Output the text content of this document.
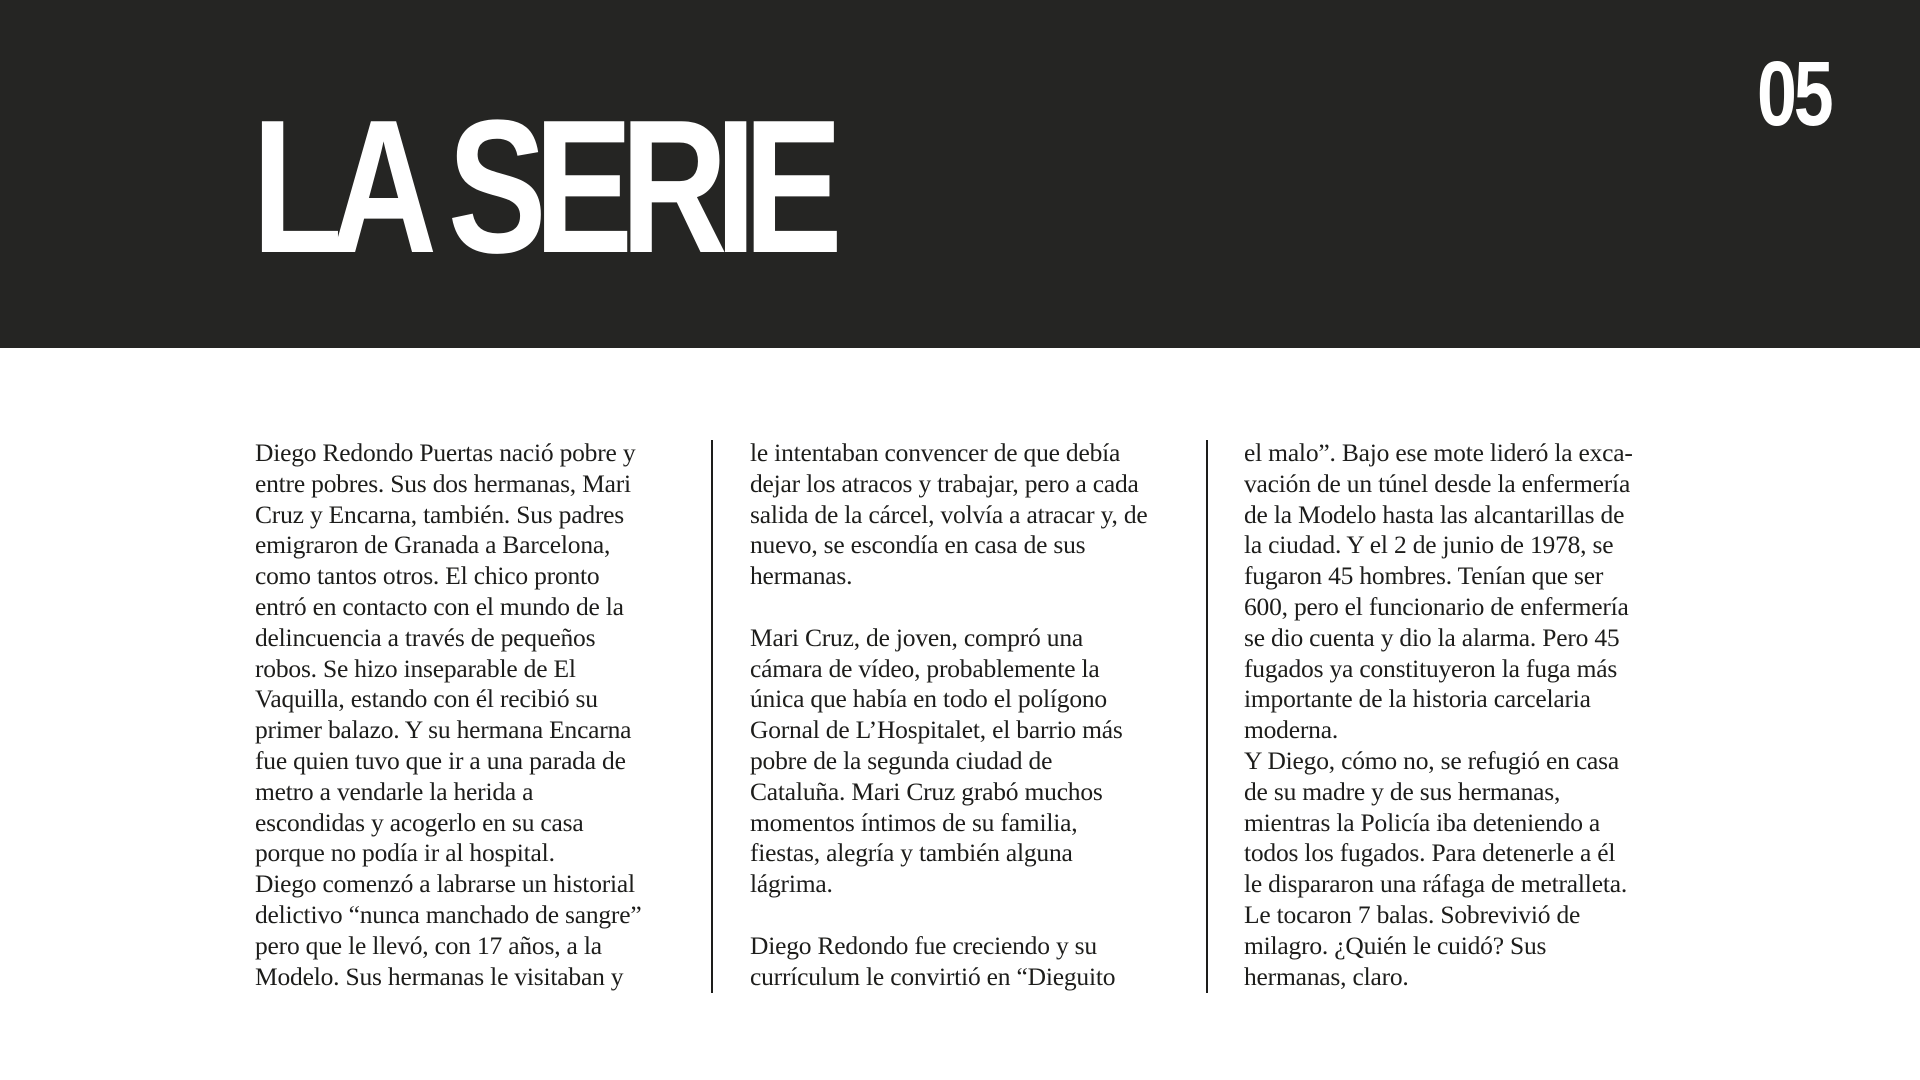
LA SERIE	05
Diego Redondo Puertas nació pobre y
entre pobres. Sus dos hermanas, Mari
Cruz y Encarna, también. Sus padres
emigraron de Granada a Barcelona,
como tantos otros. El chico pronto
entró en contacto con el mundo de la
delincuencia a través de pequeños
robos. Se hizo inseparable de El
Vaquilla, estando con él recibió su
primer balazo. Y su hermana Encarna
fue quien tuvo que ir a una parada de
metro a vendarle la herida a
escondidas y acogerlo en su casa
porque no podía ir al hospital.
Diego comenzó a labrarse un historial
delictivo “nunca manchado de sangre”
pero que le llevó, con 17 años, a la
Modelo. Sus hermanas le visitaban y
le intentaban convencer de que debía
dejar los atracos y trabajar, pero a cada
salida de la cárcel, volvía a atracar y, de
nuevo, se escondía en casa de sus
hermanas.
Mari Cruz, de joven, compró una
cámara de vídeo, probablemente la
única que había en todo el polígono
Gornal de L’Hospitalet, el barrio más
pobre de la segunda ciudad de
Cataluña. Mari Cruz grabó muchos
momentos íntimos de su familia,
fiestas, alegría y también alguna
lágrima.
Diego Redondo fue creciendo y su
currículum le convirtió en “Dieguito
el malo”. Bajo ese mote lideró la exca-
vación de un túnel desde la enfermería
de la Modelo hasta las alcantarillas de
la ciudad. Y el 2 de junio de 1978, se
fugaron 45 hombres. Tenían que ser
600, pero el funcionario de enfermería
se dio cuenta y dio la alarma. Pero 45
fugados ya constituyeron la fuga más
importante de la historia carcelaria
moderna.
Y Diego, cómo no, se refugió en casa
de su madre y de sus hermanas,
mientras la Policía iba deteniendo a
todos los fugados. Para detenerle a él
le dispararon una ráfaga de metralleta.
Le tocaron 7 balas. Sobrevivió de
milagro. ¿Quién le cuidó? Sus
hermanas, claro.
